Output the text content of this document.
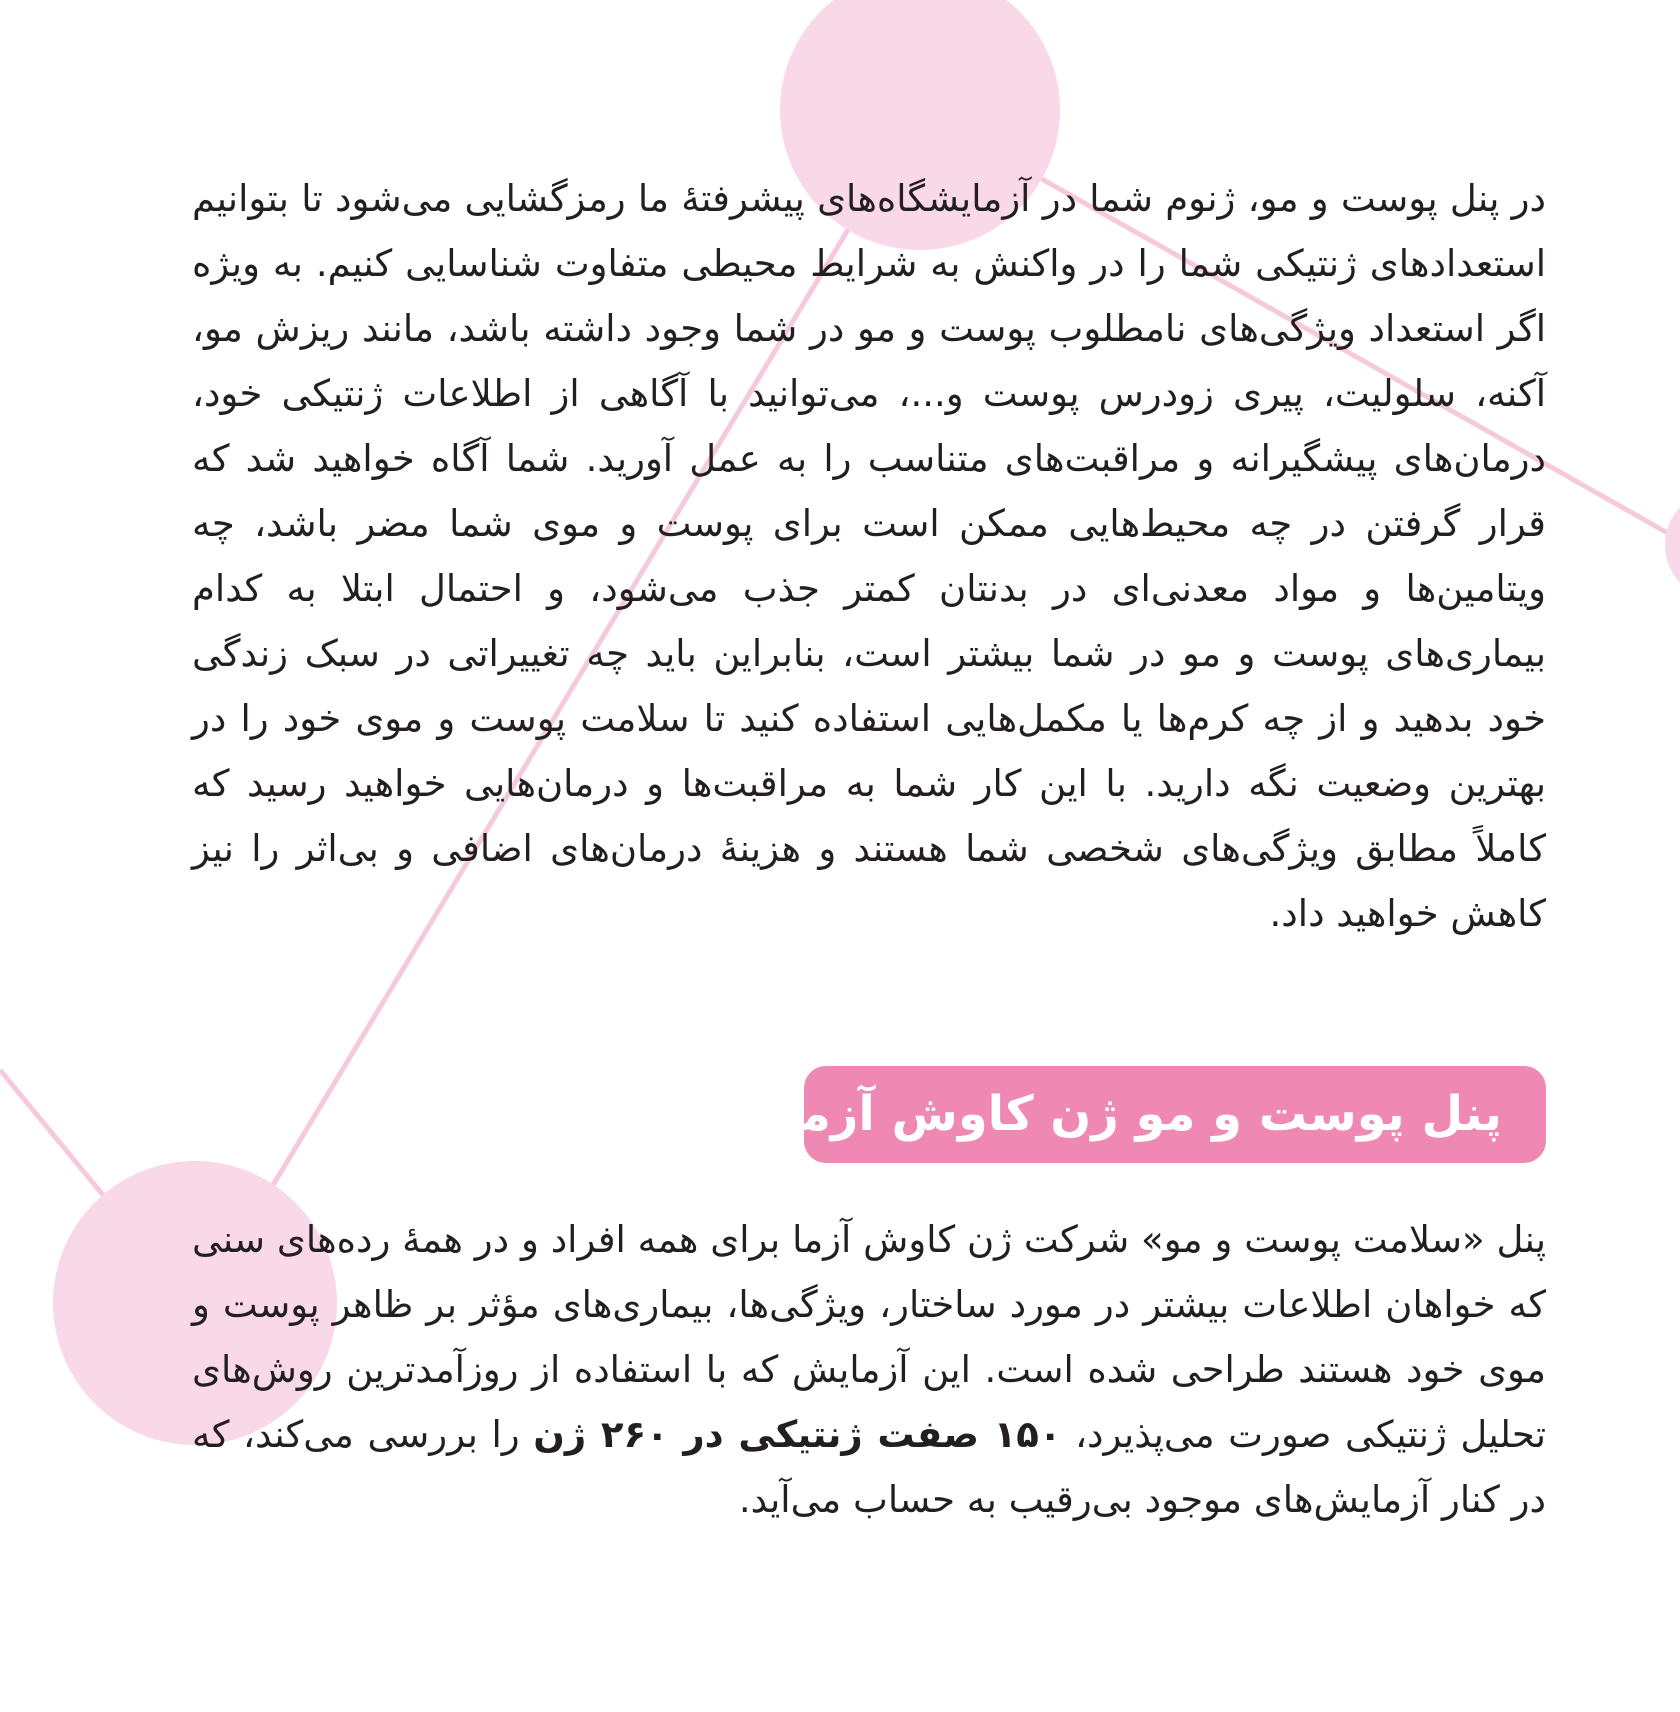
در پنل پوست و مو، ژنوم شما در آزمایشگاه‌های پیشرفتۀ ما رمزگشایی می‌شود تا بتوانیم استعدادهای ژنتیکی شما را در واکنش به شرایط محیطی متفاوت شناسایی کنیم. به ویژه اگر استعداد ویژگی‌های نامطلوب پوست و مو در شما وجود داشته باشد، مانند ریزش مو، آکنه، سلولیت، پیری زودرس پوست و...، می‌توانید با آگاهی از اطلاعات ژنتیکی خود، درمان‌های پیشگیرانه و مراقبت‌های متناسب را به عمل آورید. شما آگاه خواهید شد که قرار گرفتن در چه محیط‌هایی ممکن است برای پوست و موی شما مضر باشد، چه ویتامین‌ها و مواد معدنی‌ای در بدنتان کمتر جذب می‌شود، و احتمال ابتلا به کدام بیماری‌های پوست و مو در شما بیشتر است، بنابراین باید چه تغییراتی در سبک زندگی خود بدهید و از چه کرم‌ها یا مکمل‌هایی استفاده کنید تا سلامت پوست و موی خود را در بهترین وضعیت نگه دارید. با این کار شما به مراقبت‌ها و درمان‌هایی خواهید رسید که کاملاً مطابق ویژگی‌های شخصی شما هستند و هزینۀ درمان‌های اضافی و بی‌اثر را نیز کاهش خواهید داد.

پنل پوست و مو ژن کاوش آزما

پنل «سلامت پوست و مو» شرکت ژن کاوش آزما برای همه افراد و در همۀ رده‌های سنی که خواهان اطلاعات بیشتر در مورد ساختار، ویژگی‌ها، بیماری‌های مؤثر بر ظاهر پوست و موی خود هستند طراحی شده است. این آزمایش که با استفاده از روزآمدترین روش‌های تحلیل ژنتیکی صورت می‌پذیرد، ۱۵۰ صفت ژنتیکی در ۲۶۰ ژن را بررسی می‌کند، که در کنار آزمایش‌های موجود بی‌رقیب به حساب می‌آید.
